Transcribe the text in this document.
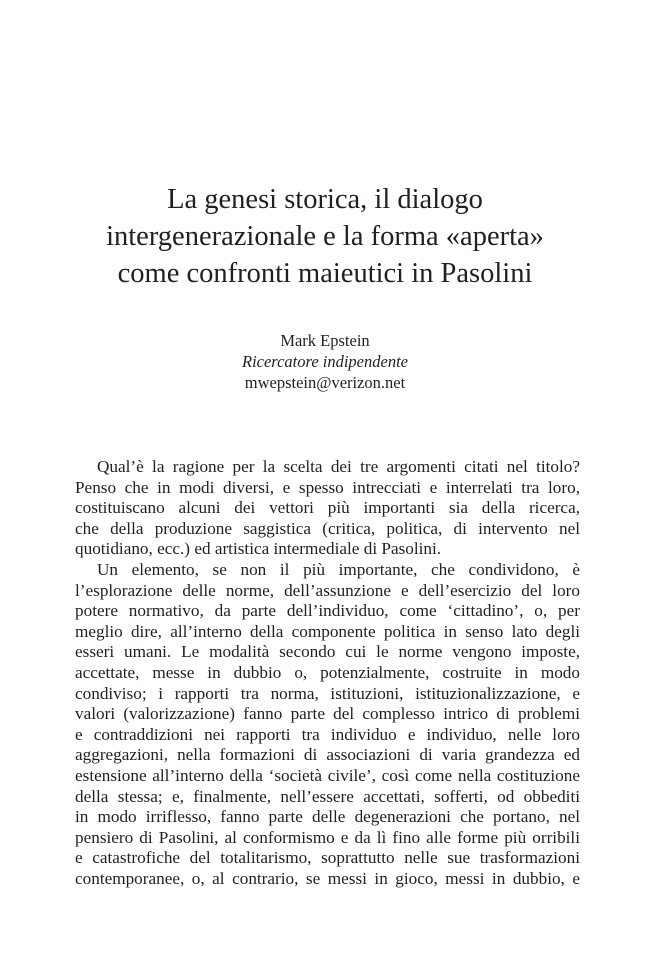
La genesi storica, il dialogo
intergenerazionale e la forma «aperta»
come confronti maieutici in Pasolini
Mark Epstein
Ricercatore indipendente
mwepstein@verizon.net
Qual’è la ragione per la scelta dei tre argomenti citati nel titolo?
Penso che in modi diversi, e spesso intrecciati e interrelati tra loro,
costituiscano alcuni dei vettori più importanti sia della ricerca,
che della produzione saggistica (critica, politica, di intervento nel
quotidiano, ecc.) ed artistica intermediale di Pasolini.
Un elemento, se non il più importante, che condividono, è
l’esplorazione delle norme, dell’assunzione e dell’esercizio del loro
potere normativo, da parte dell’individuo, come ‘cittadino’, o, per
meglio dire, all’interno della componente politica in senso lato degli
esseri umani. Le modalità secondo cui le norme vengono imposte,
accettate, messe in dubbio o, potenzialmente, costruite in modo
condiviso; i rapporti tra norma, istituzioni, istituzionalizzazione, e
valori (valorizzazione) fanno parte del complesso intrico di problemi
e contraddizioni nei rapporti tra individuo e individuo, nelle loro
aggregazioni, nella formazioni di associazioni di varia grandezza ed
estensione all’interno della ‘società civile’, così come nella costituzione
della stessa; e, finalmente, nell’essere accettati, sofferti, od obbediti
in modo irriflesso, fanno parte delle degenerazioni che portano, nel
pensiero di Pasolini, al conformismo e da lì fino alle forme più orribili
e catastrofiche del totalitarismo, soprattutto nelle sue trasformazioni
contemporanee, o, al contrario, se messi in gioco, messi in dubbio, e
